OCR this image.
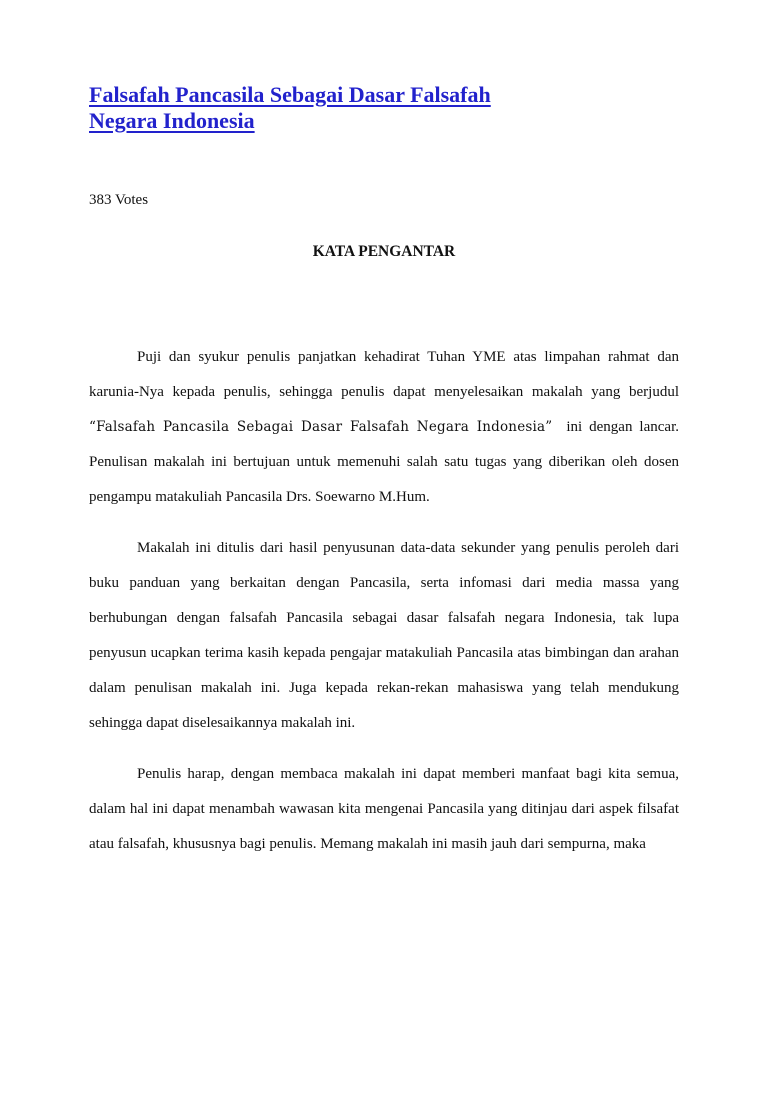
Falsafah Pancasila Sebagai Dasar Falsafah Negara Indonesia
383 Votes
KATA PENGANTAR

Puji dan syukur penulis panjatkan kehadirat Tuhan YME atas limpahan rahmat dan karunia-Nya kepada penulis, sehingga penulis dapat menyelesaikan makalah yang berjudul “Falsafah Pancasila Sebagai Dasar Falsafah Negara Indonesia”  ini dengan lancar. Penulisan makalah ini bertujuan untuk memenuhi salah satu tugas yang diberikan oleh dosen pengampu matakuliah Pancasila Drs. Soewarno M.Hum.

Makalah ini ditulis dari hasil penyusunan data-data sekunder yang penulis peroleh dari buku panduan yang berkaitan dengan Pancasila, serta infomasi dari media massa yang berhubungan dengan falsafah Pancasila sebagai dasar falsafah negara Indonesia, tak lupa penyusun ucapkan terima kasih kepada pengajar matakuliah Pancasila atas bimbingan dan arahan dalam penulisan makalah ini. Juga kepada rekan-rekan mahasiswa yang telah mendukung sehingga dapat diselesaikannya makalah ini.

Penulis harap, dengan membaca makalah ini dapat memberi manfaat bagi kita semua, dalam hal ini dapat menambah wawasan kita mengenai Pancasila yang ditinjau dari aspek filsafat atau falsafah, khususnya bagi penulis. Memang makalah ini masih jauh dari sempurna, maka
